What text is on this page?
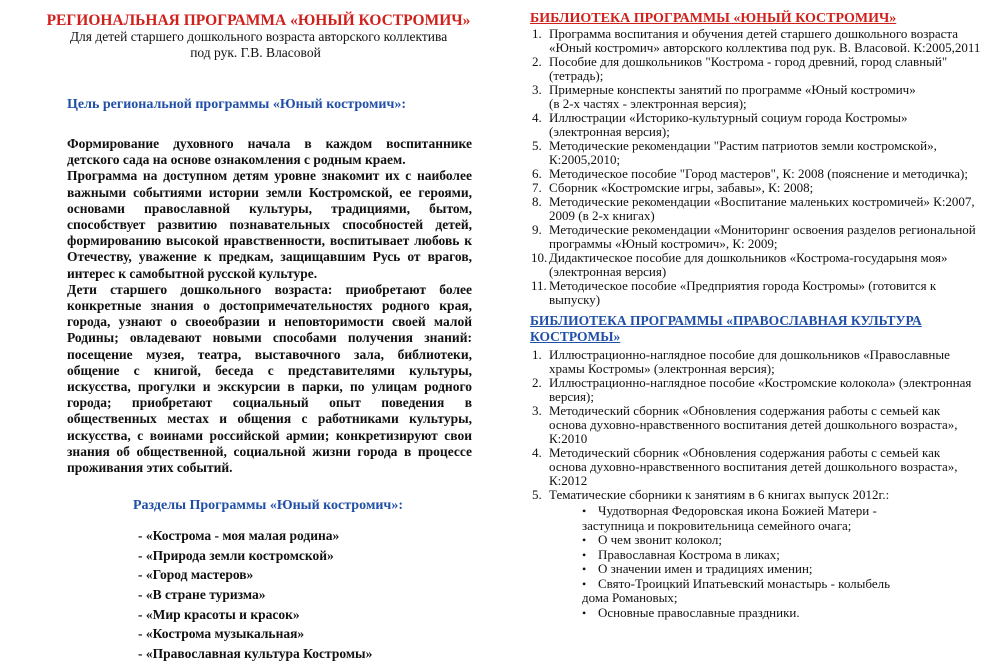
РЕГИОНАЛЬНАЯ ПРОГРАММА «ЮНЫЙ КОСТРОМИЧ»
Для детей старшего дошкольного возраста авторского коллектива
под рук. Г.В. Власовой
Цель региональной программы «Юный костромич»:

Формирование духовного начала в каждом воспитаннике детского сада на основе ознакомления с родным краем.

Программа на доступном детям уровне знакомит их с наиболее важными событиями истории земли Костромской, ее героями, основами православной культуры, традициями, бытом, способствует развитию познавательных способностей детей, формированию высокой нравственности, воспитывает любовь к Отечеству, уважение к предкам, защищавшим Русь от врагов, интерес к самобытной русской культуре.

Дети старшего дошкольного возраста: приобретают более конкретные знания о достопримечательностях родного края, города, узнают о своеобразии и неповторимости своей малой Родины; овладевают новыми способами получения знаний: посещение музея, театра, выставочного зала, библиотеки, общение с книгой, беседа с представителями культуры, искусства, прогулки и экскурсии в парки, по улицам родного города; приобретают социальный опыт поведения в общественных местах и общения с работниками культуры, искусства, с воинами российской армии; конкретизируют свои знания об общественной, социальной жизни города в процессе проживания этих событий.

Разделы Программы «Юный костромич»:
- «Кострома - моя малая родина»
- «Природа земли костромской»
- «Город мастеров»
- «В стране туризма»
- «Мир красоты и красок»
- «Кострома музыкальная»
- «Православная культура Костромы»
БИБЛИОТЕКА ПРОГРАММЫ «ЮНЫЙ КОСТРОМИЧ»
1. Программа воспитания и обучения детей старшего дошкольного возраста
«Юный костромич» авторского коллектива под рук. В. Власовой. К:2005,2011
2. Пособие для дошкольников "Кострома - город древний, город славный"
(тетрадь);
3. Примерные конспекты занятий по программе «Юный костромич»
(в 2-х частях - электронная версия);
4. Иллюстрации «Историко-культурный социум города Костромы»
(электронная версия);
5. Методические рекомендации "Растим патриотов земли костромской»,
К:2005,2010;
6. Методическое пособие "Город мастеров", К: 2008 (пояснение и методичка);
7. Сборник «Костромские игры, забавы», К: 2008;
8. Методические рекомендации «Воспитание маленьких костромичей» К:2007,
2009 (в 2-х книгах)
9. Методические рекомендации «Мониторинг освоения разделов региональной
программы «Юный костромич», К: 2009;
10. Дидактическое пособие для дошкольников «Кострома-государыня моя»
(электронная версия)
11. Методическое пособие «Предприятия города Костромы» (готовится к
выпуску)
БИБЛИОТЕКА ПРОГРАММЫ «ПРАВОСЛАВНАЯ КУЛЬТУРА КОСТРОМЫ»
1. Иллюстрационно-наглядное пособие для дошкольников «Православные
храмы Костромы» (электронная версия);
2. Иллюстрационно-наглядное пособие «Костромские колокола» (электронная
версия);
3. Методический сборник «Обновления содержания работы с семьей как
основа духовно-нравственного воспитания детей дошкольного возраста»,
К:2010
4. Методический сборник «Обновления содержания работы с семьей как
основа духовно-нравственного воспитания детей дошкольного возраста»,
К:2012
5. Тематические сборники к занятиям в 6 книгах выпуск 2012г.:
• Чудотворная Федоровская икона Божией Матери -
заступница и покровительница семейного очага;
• О чем звонит колокол;
• Православная Кострома в ликах;
• О значении имен и традициях именин;
• Свято-Троицкий Ипатьевский монастырь - колыбель
дома Романовых;
• Основные православные праздники.
